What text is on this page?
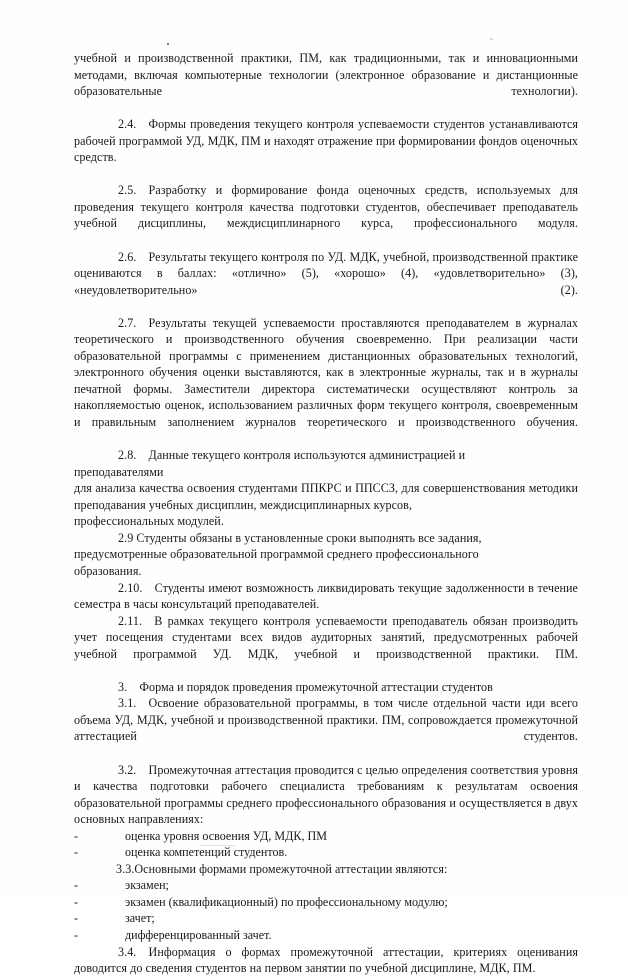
учебной и производственной практики, ПМ, как традиционными, так и инновационными методами, включая компьютерные технологии (электронное образование и дистанционные образовательные технологии).

2.4. Формы проведения текущего контроля успеваемости студентов устанавливаются рабочей программой УД, МДК, ПМ и находят отражение при формировании фондов оценочных средств.

2.5. Разработку и формирование фонда оценочных средств, используемых для проведения текущего контроля качества подготовки студентов, обеспечивает преподаватель учебной дисциплины, междисциплинарного курса, профессионального модуля.

2.6. Результаты текущего контроля по УД. МДК, учебной, производственной практике оцениваются в баллах: «отлично» (5), «хорошо» (4), «удовлетворительно» (3), «неудовлетворительно» (2).

2.7. Результаты текущей успеваемости проставляются преподавателем в журналах теоретического и производственного обучения своевременно. При реализации части образовательной программы с применением дистанционных образовательных технологий, электронного обучения оценки выставляются, как в электронные журналы, так и в журналы печатной формы. Заместители директора систематически осуществляют контроль за накопляемостью оценок, использованием различных форм текущего контроля, своевременным и правильным заполнением журналов теоретического и производственного обучения.

2.8. Данные текущего контроля используются администрацией и

преподавателями

для анализа качества освоения студентами ППКРС и ППССЗ, для совершенствования методики преподавания учебных дисциплин, междисциплинарных курсов,

профессиональных модулей.

2.9 Студенты обязаны в установленные сроки выполнять все задания,

предусмотренные образовательной программой среднего профессионального

образования.

2.10. Студенты имеют возможность ликвидировать текущие задолженности в течение семестра в часы консультаций преподавателей.

2.11. В рамках текущего контроля успеваемости преподаватель обязан производить учет посещения студентами всех видов аудиторных занятий, предусмотренных рабочей учебной программой УД. МДК, учебной и производственной практики. ПМ.

3. Форма и порядок проведения промежуточной аттестации студентов

3.1. Освоение образовательной программы, в том числе отдельной части иди всего объема УД, МДК, учебной и производственной практики. ПМ, сопровождается промежуточной аттестацией студентов.

3.2. Промежуточная аттестация проводится с целью определения соответствия уровня и качества подготовки рабочего специалиста требованиям к результатам освоения образовательной программы среднего профессионального образования и осуществляется в двух основных направлениях:

-	оценка уровня освоения УД, МДК, ПМ
-	оценка компетенций студентов.

3.3.Основными формами промежуточной аттестации являются:

-	экзамен;
-	экзамен (квалификационный) по профессиональному модулю;
-	зачет;
-	дифференцированный зачет.

3.4. Информация о формах промежуточной аттестации, критериях оценивания доводится до сведения студентов на первом занятии по учебной дисциплине, МДК, ПМ.
